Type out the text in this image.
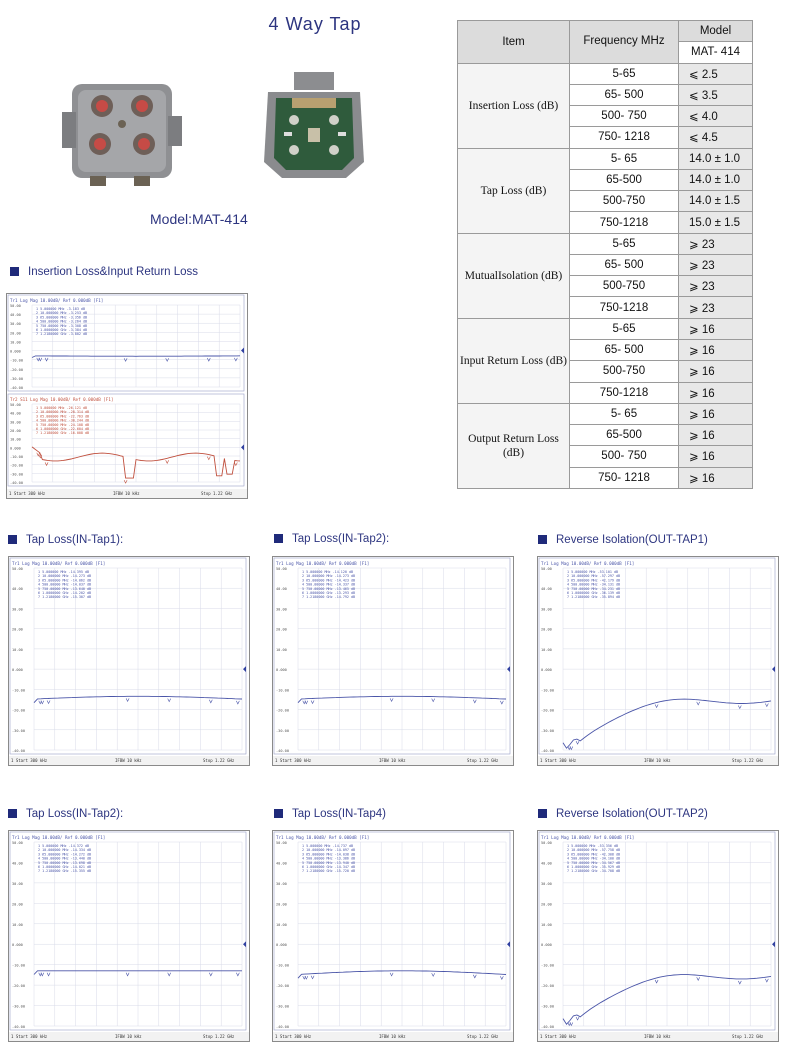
4 Way Tap
Model:MAT-414
Item	Frequency MHz	Model
		MAT- 414
Insertion Loss (dB)	5-65	⩽ 2.5
	65- 500	⩽ 3.5
	500- 750	⩽ 4.0
	750- 1218	⩽ 4.5
Tap Loss (dB)	5- 65	14.0 ± 1.0
	65-500	14.0 ± 1.0
	500-750	14.0 ± 1.5
	750-1218	15.0 ± 1.5
MutualIsolation (dB)	5-65	⩾ 23
	65- 500	⩾ 23
	500-750	⩾ 23
	750-1218	⩾ 23
Input Return Loss (dB)	5-65	⩾ 16
	65- 500	⩾ 16
	500-750	⩾ 16
	750-1218	⩾ 16
Output Return Loss (dB)	5- 65	⩾ 16
	65-500	⩾ 16
	500- 750	⩾ 16
	750- 1218	⩾ 16
Insertion Loss&Input Return Loss
Tap Loss(IN-Tap1):	Tap Loss(IN-Tap2):	Reverse Isolation(OUT-TAP1)
Tap Loss(IN-Tap2):	Tap Loss(IN-Tap4)	Reverse Isolation(OUT-TAP2)
Tr1 Log Mag 10.00dB/ Ref 0.000dB [F1]
50.00
40.00
30.00
20.00
10.00
0.000
-10.00
-20.00
-30.00
-40.00
1 5.000000 MHz -3.183 dB
2 10.000000 MHz -3.253 dB
3 65.000000 MHz -3.356 dB
4 500.00000 MHz -3.264 dB
5 750.00000 MHz -3.308 dB
6 1.0000000 GHz -3.384 dB
7 1.2180000 GHz -3.802 dB
Tr2 S11 Log Mag 10.00dB/ Ref 0.000dB [F1]
50.00
40.00
30.00
20.00
10.00
0.000
-10.00
-20.00
-30.00
-40.00
1 5.000000 MHz -26.121 dB
2 10.000000 MHz -28.314 dB
3 65.000000 MHz -22.763 dB
4 500.00000 MHz -30.244 dB
5 750.00000 MHz -24.108 dB
6 1.0000000 GHz -22.604 dB
7 1.2180000 GHz -16.008 dB
1 Start 300 kHz	IFBW 10 kHz	Stop 1.22 GHz
Tr1 Log Mag 10.00dB/ Ref 0.000dB [F1]
50.00
40.00
30.00
20.00
10.00
0.000
-10.00
-20.00
-30.00
-40.00
1 5.000000 MHz -14.395 dB
2 10.000000 MHz -14.273 dB
3 65.000000 MHz -14.062 dB
4 500.00000 MHz -14.037 dB
5 750.00000 MHz -13.640 dB
6 1.0000000 GHz -14.202 dB
7 1.2180000 GHz -15.307 dB
1 Start 300 kHz	IFBW 10 kHz	Stop 1.22 GHz
Tr1 Log Mag 10.00dB/ Ref 0.000dB [F1]
50.00
40.00
30.00
20.00
10.00
0.000
-10.00
-20.00
-30.00
-40.00
1 5.000000 MHz -14.120 dB
2 10.000000 MHz -14.273 dB
3 65.000000 MHz -14.423 dB
4 500.00000 MHz -14.337 dB
5 750.00000 MHz -13.465 dB
6 1.0000000 GHz -13.293 dB
7 1.2180000 GHz -14.792 dB
1 Start 300 kHz	IFBW 10 kHz	Stop 1.22 GHz
Tr1 Log Mag 10.00dB/ Ref 0.000dB [F1]
50.00
40.00
30.00
20.00
10.00
0.000
-10.00
-20.00
-30.00
-40.00
1 5.000000 MHz -53.101 dB
2 10.000000 MHz -57.297 dB
3 65.000000 MHz -42.179 dB
4 500.00000 MHz -34.131 dB
5 750.00000 MHz -34.231 dB
6 1.0000000 GHz -36.139 dB
7 1.2180000 GHz -35.894 dB
1 Start 300 kHz	IFBW 10 kHz	Stop 1.22 GHz
Tr1 Log Mag 10.00dB/ Ref 0.000dB [F1]
50.00
40.00
30.00
20.00
10.00
0.000
-10.00
-20.00
-30.00
-40.00
1 5.000000 MHz -14.372 dB
2 10.000000 MHz -14.334 dB
3 65.000000 MHz -14.272 dB
4 500.00000 MHz -13.440 dB
5 750.00000 MHz -13.698 dB
6 1.0000000 GHz -14.021 dB
7 1.2180000 GHz -15.355 dB
1 Start 300 kHz	IFBW 10 kHz	Stop 1.22 GHz
Tr1 Log Mag 10.00dB/ Ref 0.000dB [F1]
50.00
40.00
30.00
20.00
10.00
0.000
-10.00
-20.00
-30.00
-40.00
1 5.000000 MHz -14.737 dB
2 10.000000 MHz -14.097 dB
3 65.000000 MHz -14.038 dB
4 500.00000 MHz -13.386 dB
5 750.00000 MHz -13.940 dB
6 1.0000000 GHz -14.347 dB
7 1.2180000 GHz -15.720 dB
1 Start 300 kHz	IFBW 10 kHz	Stop 1.22 GHz
Tr1 Log Mag 10.00dB/ Ref 0.000dB [F1]
50.00
40.00
30.00
20.00
10.00
0.000
-10.00
-20.00
-30.00
-40.00
1 5.000000 MHz -53.356 dB
2 10.000000 MHz -57.758 dB
3 65.000000 MHz -42.308 dB
4 500.00000 MHz -34.100 dB
5 750.00000 MHz -34.567 dB
6 1.0000000 GHz -35.929 dB
7 1.2180000 GHz -34.708 dB
1 Start 300 kHz	IFBW 10 kHz	Stop 1.22 GHz
